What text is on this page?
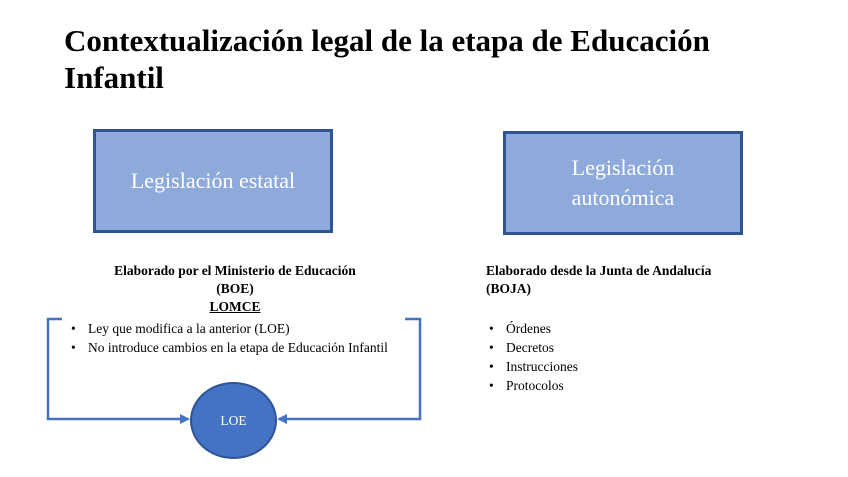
Contextualización legal de la etapa de Educación Infantil
Legislación estatal
Legislación
autonómica
Elaborado por el Ministerio de Educación
(BOE)
LOMCE
• Ley que modifica a la anterior (LOE)
• No introduce cambios en la etapa de Educación Infantil
Elaborado desde la Junta de Andalucía
(BOJA)
• Órdenes
• Decretos
• Instrucciones
• Protocolos
LOE
